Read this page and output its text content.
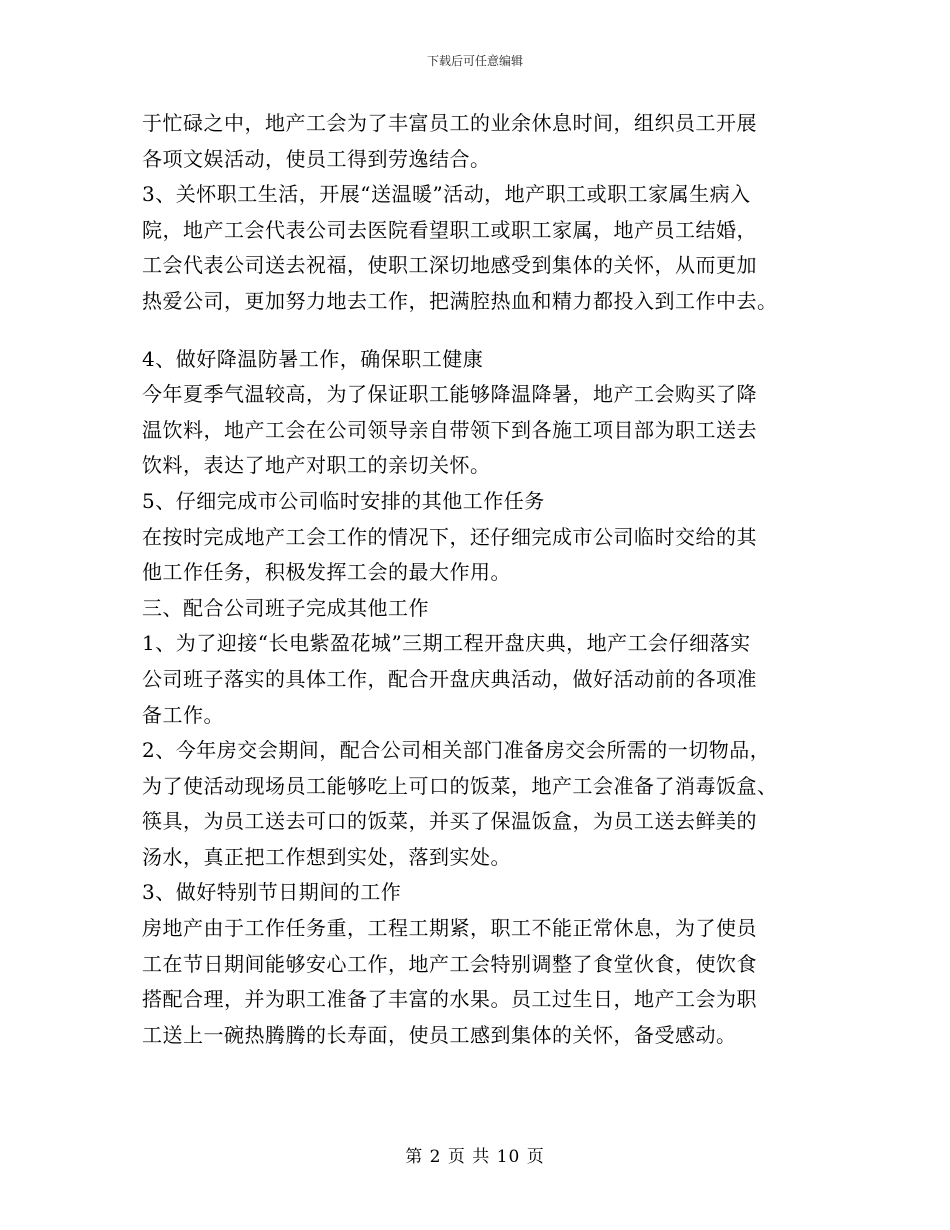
下载后可任意编辑
于忙碌之中，地产工会为了丰富员工的业余休息时间，组织员工开展
各项文娱活动，使员工得到劳逸结合。
3、关怀职工生活，开展“送温暖”活动，地产职工或职工家属生病入
院，地产工会代表公司去医院看望职工或职工家属，地产员工结婚，
工会代表公司送去祝福，使职工深切地感受到集体的关怀，从而更加
热爱公司，更加努力地去工作，把满腔热血和精力都投入到工作中去。
4、做好降温防暑工作，确保职工健康
今年夏季气温较高，为了保证职工能够降温降暑，地产工会购买了降
温饮料，地产工会在公司领导亲自带领下到各施工项目部为职工送去
饮料，表达了地产对职工的亲切关怀。
5、仔细完成市公司临时安排的其他工作任务
在按时完成地产工会工作的情况下，还仔细完成市公司临时交给的其
他工作任务，积极发挥工会的最大作用。
三、配合公司班子完成其他工作
1、为了迎接“长电紫盈花城”三期工程开盘庆典，地产工会仔细落实
公司班子落实的具体工作，配合开盘庆典活动，做好活动前的各项准
备工作。
2、今年房交会期间，配合公司相关部门准备房交会所需的一切物品，
为了使活动现场员工能够吃上可口的饭菜，地产工会准备了消毒饭盒、
筷具，为员工送去可口的饭菜，并买了保温饭盒，为员工送去鲜美的
汤水，真正把工作想到实处，落到实处。
3、做好特别节日期间的工作
房地产由于工作任务重，工程工期紧，职工不能正常休息，为了使员
工在节日期间能够安心工作，地产工会特别调整了食堂伙食，使饮食
搭配合理，并为职工准备了丰富的水果。员工过生日，地产工会为职
工送上一碗热腾腾的长寿面，使员工感到集体的关怀，备受感动。
第 2 页 共 10 页
